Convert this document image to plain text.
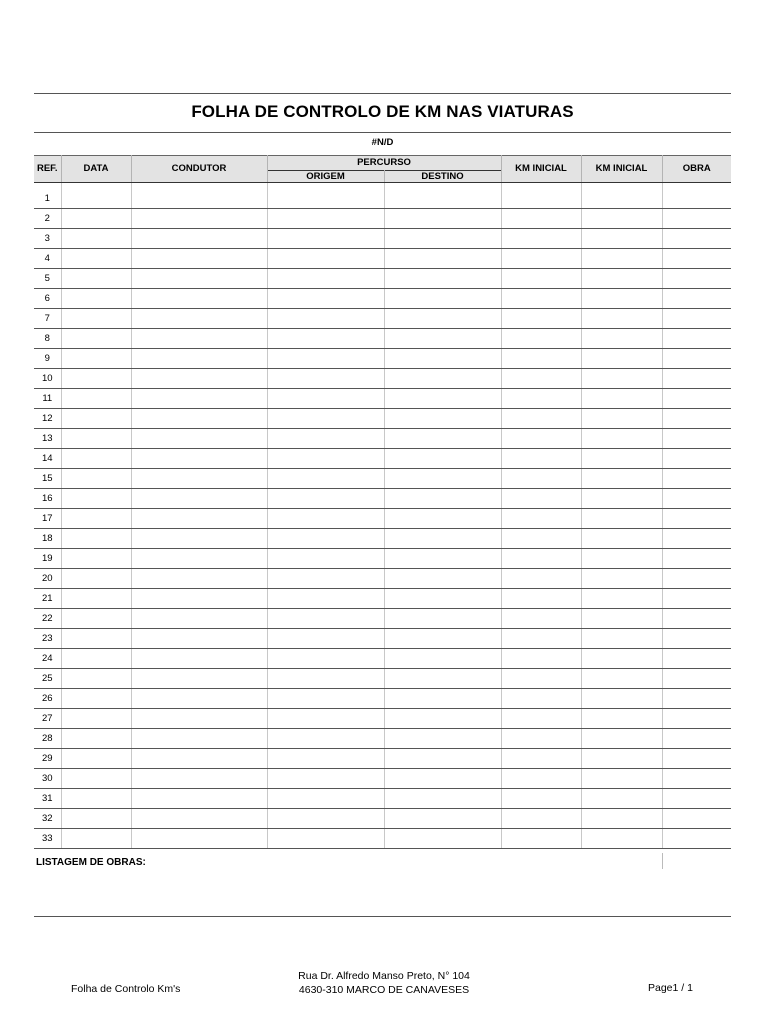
FOLHA DE CONTROLO DE KM NAS VIATURAS
#N/D
REF.	DATA	CONDUTOR	PERCURSO		KM INICIAL	KM INICIAL	OBRA
			ORIGEM	DESTINO			

1							
2							
3							
4							
5							
6							
7							
8							
9							
10							
11							
12							
13							
14							
15							
16							
17							
18							
19							
20							
21							
22							
23							
24							
25							
26							
27							
28							
29							
30							
31							
32							
33							
LISTAGEM DE OBRAS:
Folha de Controlo Km's
Rua Dr. Alfredo Manso Preto, N° 104
4630-310 MARCO DE CANAVESES	Page1 / 1
